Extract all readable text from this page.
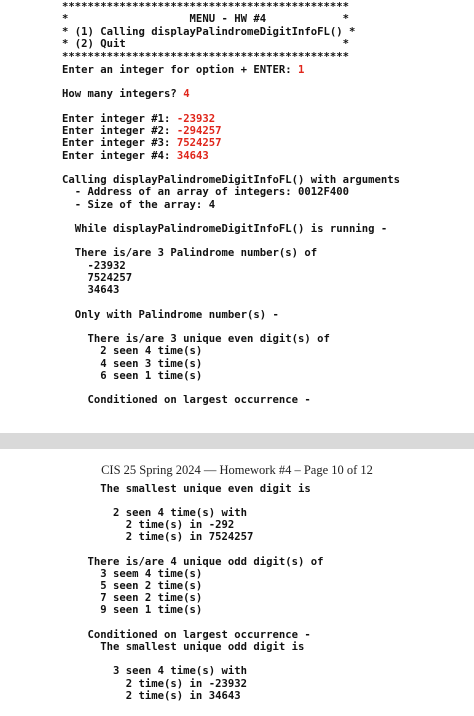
*********************************************
*                   MENU - HW #4            *
* (1) Calling displayPalindromeDigitInfoFL() *
* (2) Quit                                  *
*********************************************
Enter an integer for option + ENTER: 1
How many integers? 4
Enter integer #1: -23932
Enter integer #2: -294257
Enter integer #3: 7524257
Enter integer #4: 34643
Calling displayPalindromeDigitInfoFL() with arguments
- Address of an array of integers: 0012F400
- Size of the array: 4
While displayPalindromeDigitInfoFL() is running -
There is/are 3 Palindrome number(s) of
-23932
7524257
34643
Only with Palindrome number(s) -
There is/are 3 unique even digit(s) of
2 seen 4 time(s)
4 seen 3 time(s)
6 seen 1 time(s)
Conditioned on largest occurrence -
CIS 25 Spring 2024 — Homework #4 – Page 10 of 12
The smallest unique even digit is
2 seen 4 time(s) with
2 time(s) in -292
2 time(s) in 7524257
There is/are 4 unique odd digit(s) of
3 seem 4 time(s)
5 seen 2 time(s)
7 seen 2 time(s)
9 seen 1 time(s)
Conditioned on largest occurrence -
The smallest unique odd digit is
3 seen 4 time(s) with
2 time(s) in -23932
2 time(s) in 34643
